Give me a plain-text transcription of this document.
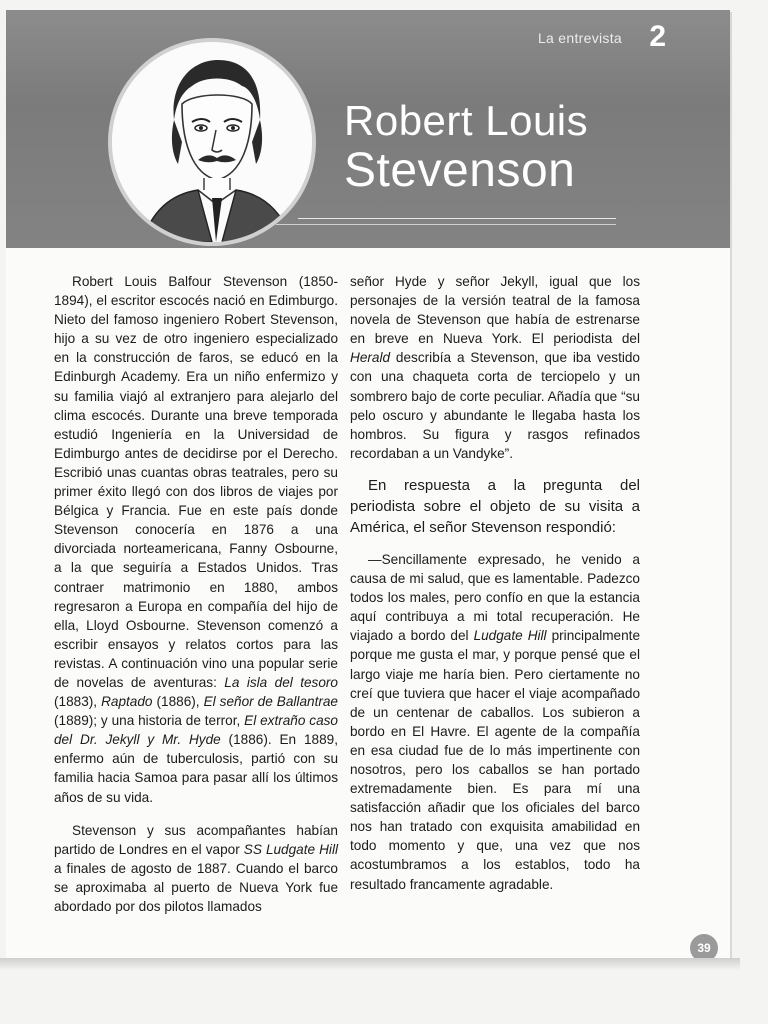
La entrevista 2
Robert Louis
Stevenson

Robert Louis Balfour Stevenson (1850-1894), el escritor escocés nació en Edimburgo. Nieto del famoso ingeniero Robert Stevenson, hijo a su vez de otro ingeniero especializado en la construcción de faros, se educó en la Edinburgh Academy. Era un niño enfermizo y su familia viajó al extranjero para alejarlo del clima escocés. Durante una breve temporada estudió Ingeniería en la Universidad de Edimburgo antes de decidirse por el Derecho. Escribió unas cuantas obras teatrales, pero su primer éxito llegó con dos libros de viajes por Bélgica y Francia. Fue en este país donde Stevenson conocería en 1876 a una divorciada norteamericana, Fanny Osbourne, a la que seguiría a Estados Unidos. Tras contraer matrimonio en 1880, ambos regresaron a Europa en compañía del hijo de ella, Lloyd Osbourne. Stevenson comenzó a escribir ensayos y relatos cortos para las revistas. A continuación vino una popular serie de novelas de aventuras: La isla del tesoro (1883), Raptado (1886), El señor de Ballantrae (1889); y una historia de terror, El extraño caso del Dr. Jekyll y Mr. Hyde (1886). En 1889, enfermo aún de tuberculosis, partió con su familia hacia Samoa para pasar allí los últimos años de su vida.

Stevenson y sus acompañantes habían partido de Londres en el vapor SS Ludgate Hill a finales de agosto de 1887. Cuando el barco se aproximaba al puerto de Nueva York fue abordado por dos pilotos llamados

señor Hyde y señor Jekyll, igual que los personajes de la versión teatral de la famosa novela de Stevenson que había de estrenarse en breve en Nueva York. El periodista del Herald describía a Stevenson, que iba vestido con una chaqueta corta de terciopelo y un sombrero bajo de corte peculiar. Añadía que “su pelo oscuro y abundante le llegaba hasta los hombros. Su figura y rasgos refinados recordaban a un Vandyke”.

En respuesta a la pregunta del periodista sobre el objeto de su visita a América, el señor Stevenson respondió:

—Sencillamente expresado, he venido a causa de mi salud, que es lamentable. Padezco todos los males, pero confío en que la estancia aquí contribuya a mi total recuperación. He viajado a bordo del Ludgate Hill principalmente porque me gusta el mar, y porque pensé que el largo viaje me haría bien. Pero ciertamente no creí que tuviera que hacer el viaje acompañado de un centenar de caballos. Los subieron a bordo en El Havre. El agente de la compañía en esa ciudad fue de lo más impertinente con nosotros, pero los caballos se han portado extremadamente bien. Es para mí una satisfacción añadir que los oficiales del barco nos han tratado con exquisita amabilidad en todo momento y que, una vez que nos acostumbramos a los establos, todo ha resultado francamente agradable.

39
